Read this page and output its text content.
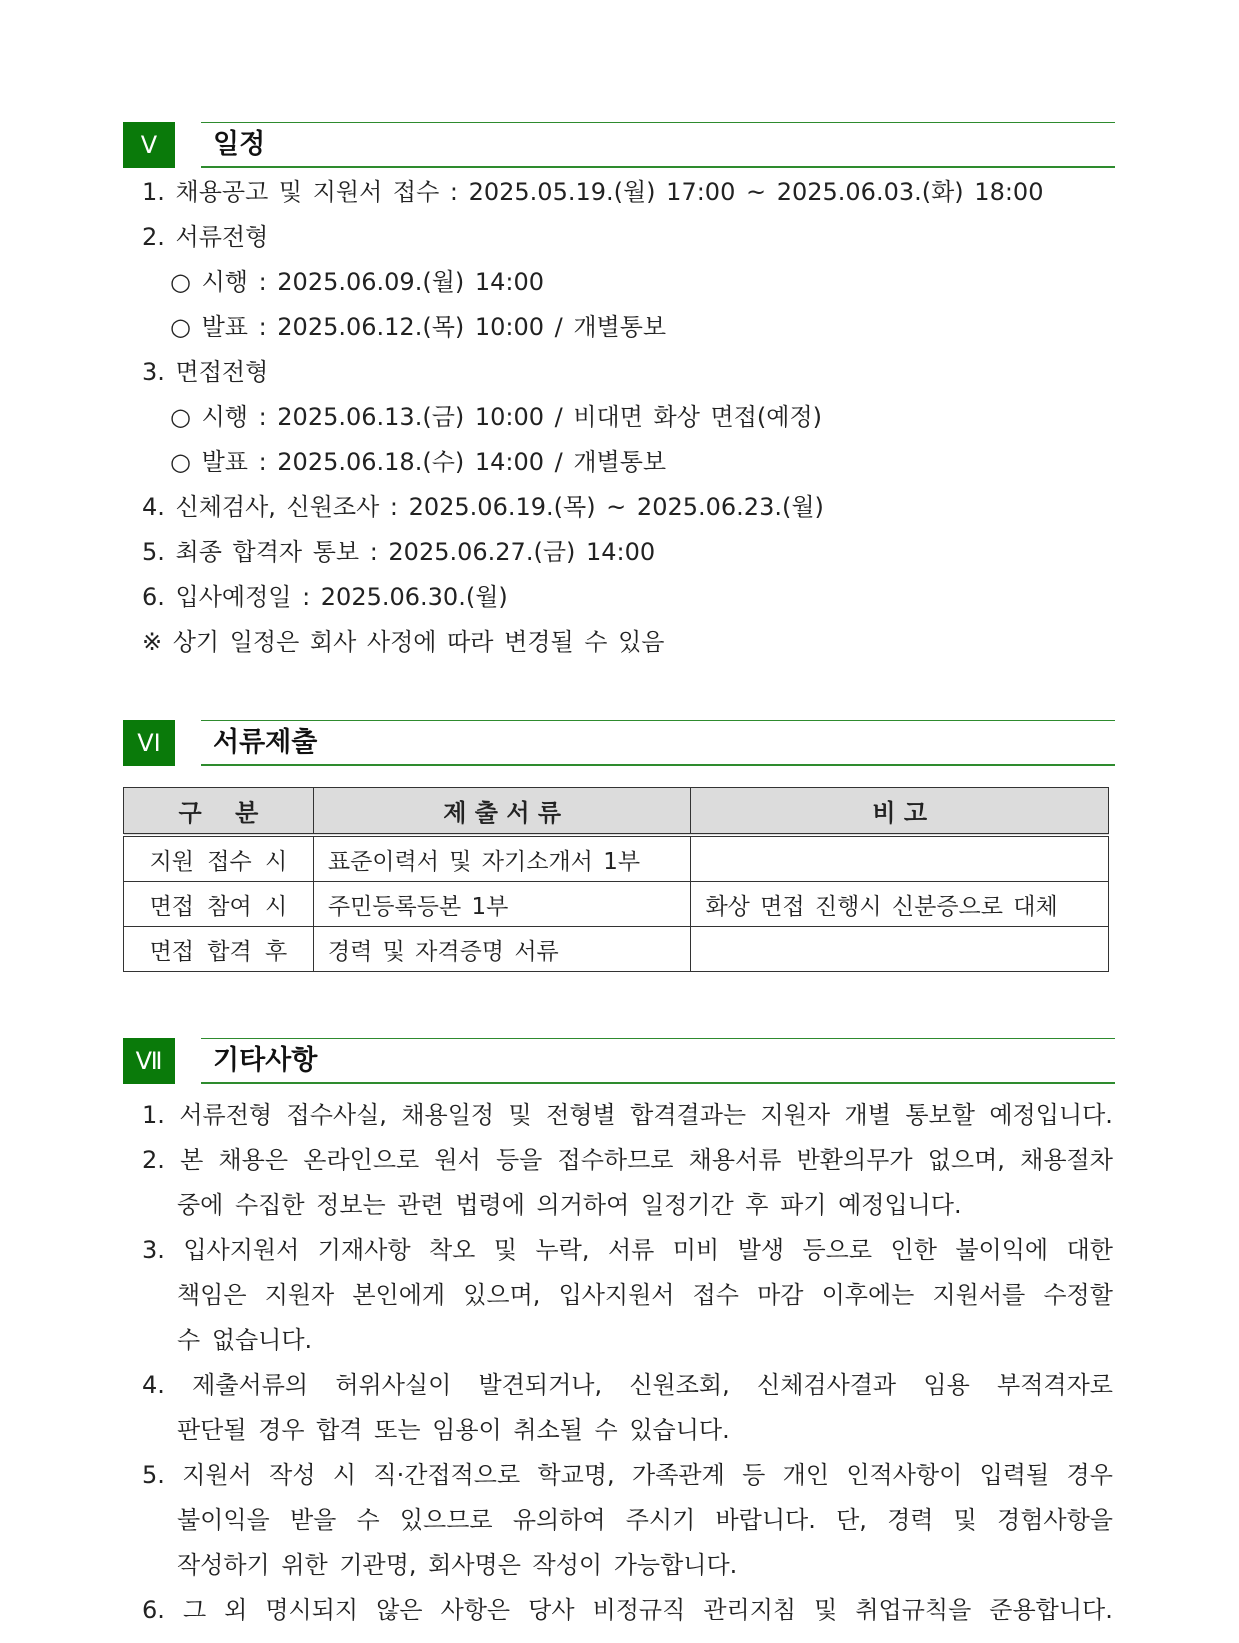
V	일정
1. 채용공고 및 지원서 접수 : 2025.05.19.(월) 17:00 ~ 2025.06.03.(화) 18:00
2. 서류전형
○ 시행 : 2025.06.09.(월) 14:00
○ 발표 : 2025.06.12.(목) 10:00 / 개별통보
3. 면접전형
○ 시행 : 2025.06.13.(금) 10:00 / 비대면 화상 면접(예정)
○ 발표 : 2025.06.18.(수) 14:00 / 개별통보
4. 신체검사, 신원조사 : 2025.06.19.(목) ~ 2025.06.23.(월)
5. 최종 합격자 통보 : 2025.06.27.(금) 14:00
6. 입사예정일 : 2025.06.30.(월)
※ 상기 일정은 회사 사정에 따라 변경될 수 있음
VI	서류제출
구    분	제 출 서 류	비 고
지원 접수 시	표준이력서 및 자기소개서 1부	
면접 참여 시	주민등록등본 1부	화상 면접 진행시 신분증으로 대체
면접 합격 후	경력 및 자격증명 서류	
Ⅶ	기타사항
1. 서류전형 접수사실, 채용일정 및 전형별 합격결과는 지원자 개별 통보할 예정입니다.
2. 본 채용은 온라인으로 원서 등을 접수하므로 채용서류 반환의무가 없으며, 채용절차
중에 수집한 정보는 관련 법령에 의거하여 일정기간 후 파기 예정입니다.
3. 입사지원서 기재사항 착오 및 누락, 서류 미비 발생 등으로 인한 불이익에 대한
책임은 지원자 본인에게 있으며, 입사지원서 접수 마감 이후에는 지원서를 수정할
수 없습니다.
4. 제출서류의 허위사실이 발견되거나, 신원조회, 신체검사결과 임용 부적격자로
판단될 경우 합격 또는 임용이 취소될 수 있습니다.
5. 지원서 작성 시 직·간접적으로 학교명, 가족관계 등 개인 인적사항이 입력될 경우
불이익을 받을 수 있으므로 유의하여 주시기 바랍니다. 단, 경력 및 경험사항을
작성하기 위한 기관명, 회사명은 작성이 가능합니다.
6. 그 외 명시되지 않은 사항은 당사 비정규직 관리지침 및 취업규칙을 준용합니다.
